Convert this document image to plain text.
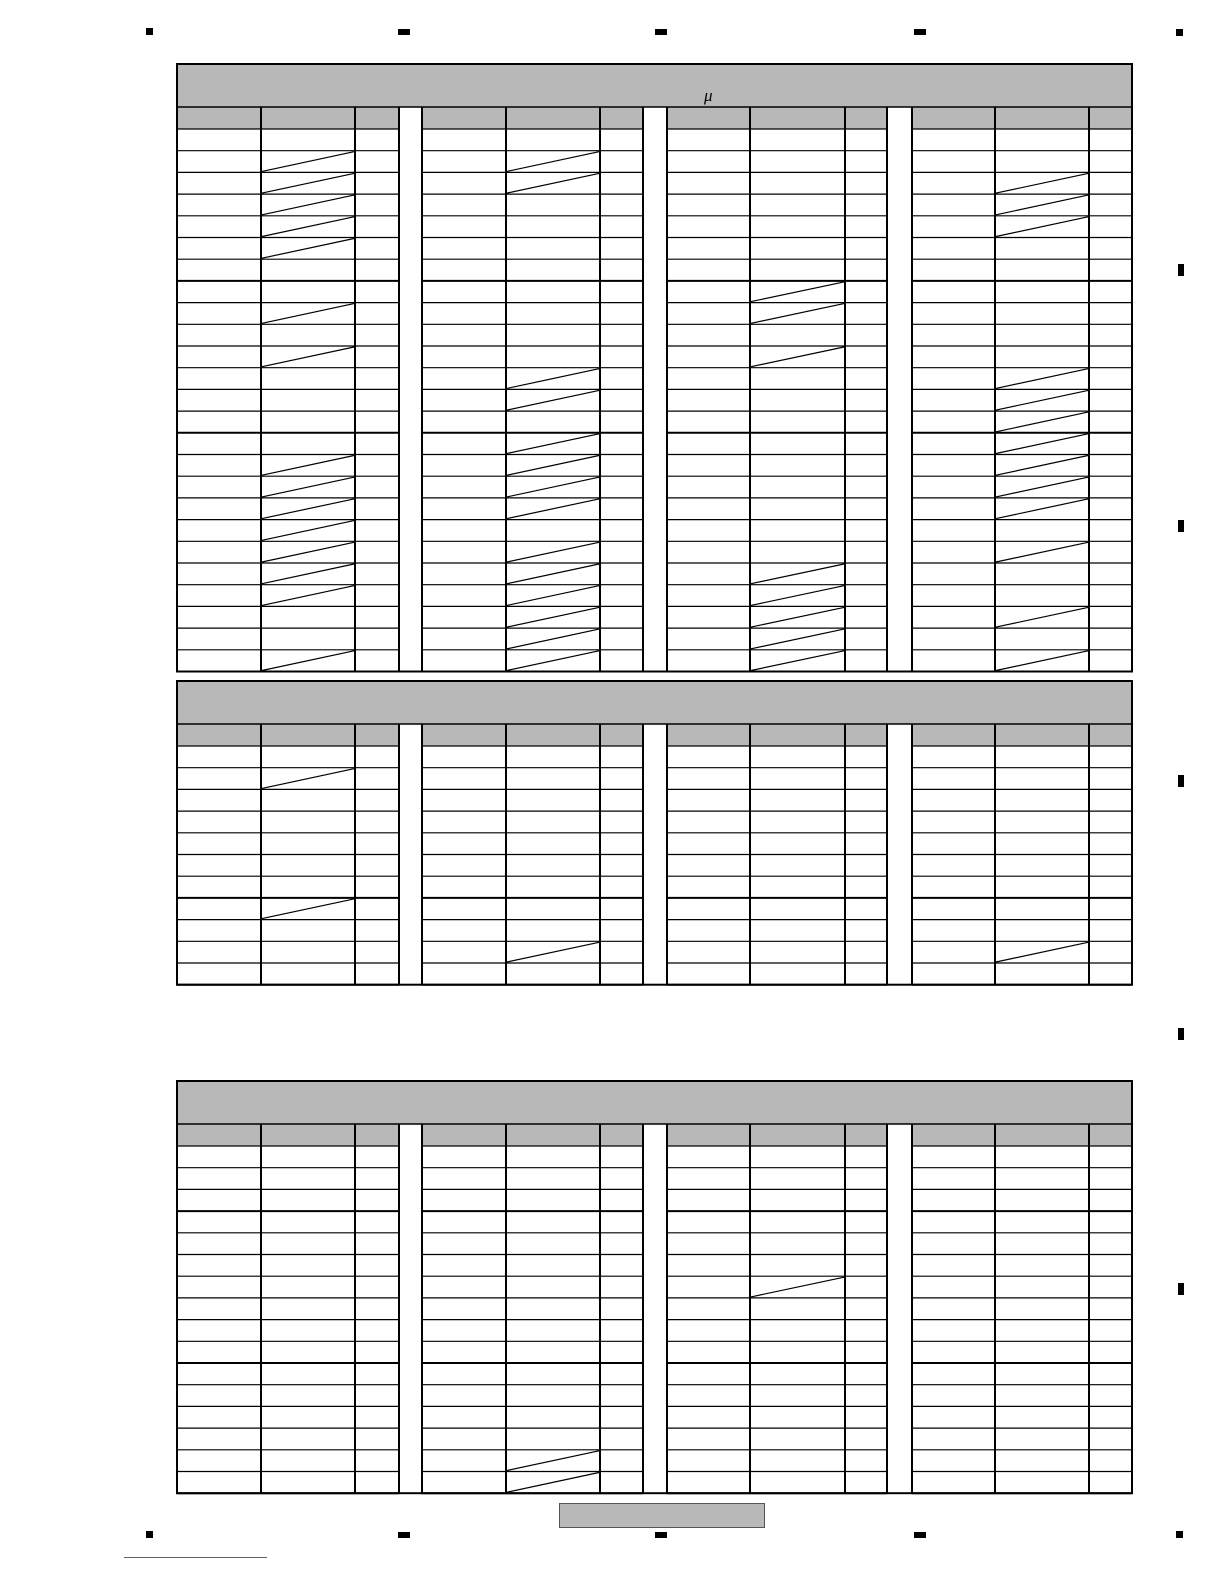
μ
